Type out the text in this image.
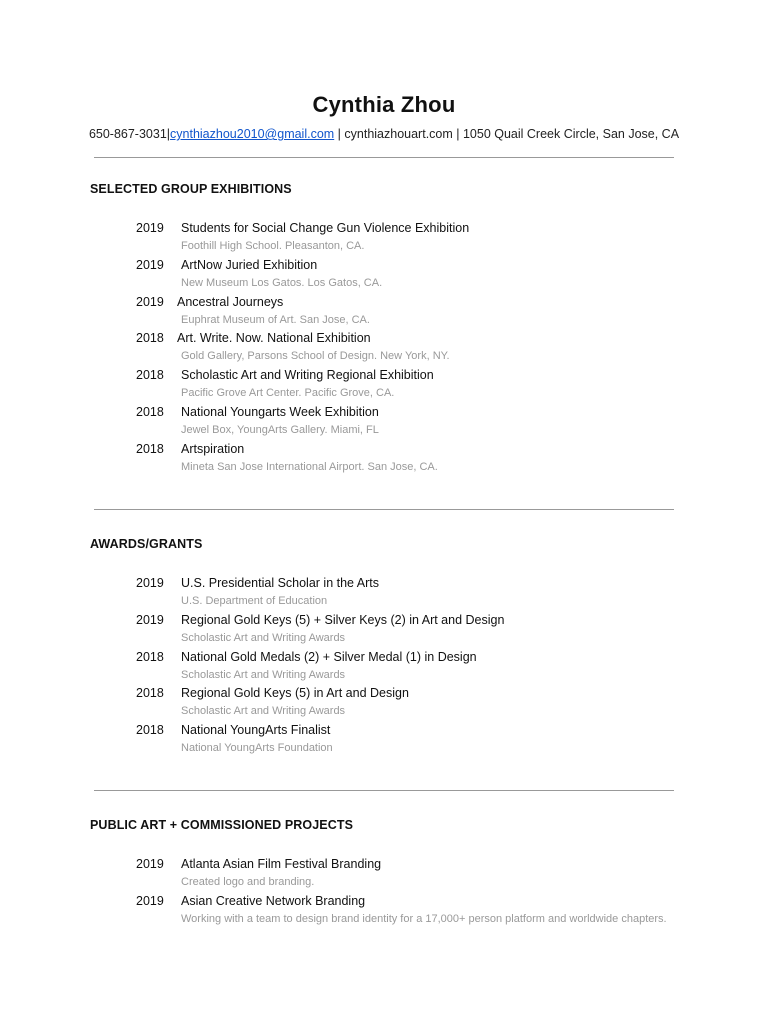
Cynthia Zhou
650-867-3031|cynthiazhou2010@gmail.com | cynthiazhouart.com | 1050 Quail Creek Circle, San Jose, CA
SELECTED GROUP EXHIBITIONS
2019 Students for Social Change Gun Violence Exhibition
Foothill High School. Pleasanton, CA.
2019 ArtNow Juried Exhibition
New Museum Los Gatos. Los Gatos, CA.
2019 Ancestral Journeys
Euphrat Museum of Art. San Jose, CA.
2018 Art. Write. Now. National Exhibition
Gold Gallery, Parsons School of Design. New York, NY.
2018 Scholastic Art and Writing Regional Exhibition
Pacific Grove Art Center. Pacific Grove, CA.
2018 National Youngarts Week Exhibition
Jewel Box, YoungArts Gallery. Miami, FL
2018 Artspiration
Mineta San Jose International Airport. San Jose, CA.
AWARDS/GRANTS
2019 U.S. Presidential Scholar in the Arts
U.S. Department of Education
2019 Regional Gold Keys (5) + Silver Keys (2) in Art and Design
Scholastic Art and Writing Awards
2018 National Gold Medals (2) + Silver Medal (1) in Design
Scholastic Art and Writing Awards
2018 Regional Gold Keys (5) in Art and Design
Scholastic Art and Writing Awards
2018 National YoungArts Finalist
National YoungArts Foundation
PUBLIC ART + COMMISSIONED PROJECTS
2019 Atlanta Asian Film Festival Branding
Created logo and branding.
2019 Asian Creative Network Branding
Working with a team to design brand identity for a 17,000+ person platform and worldwide chapters.
